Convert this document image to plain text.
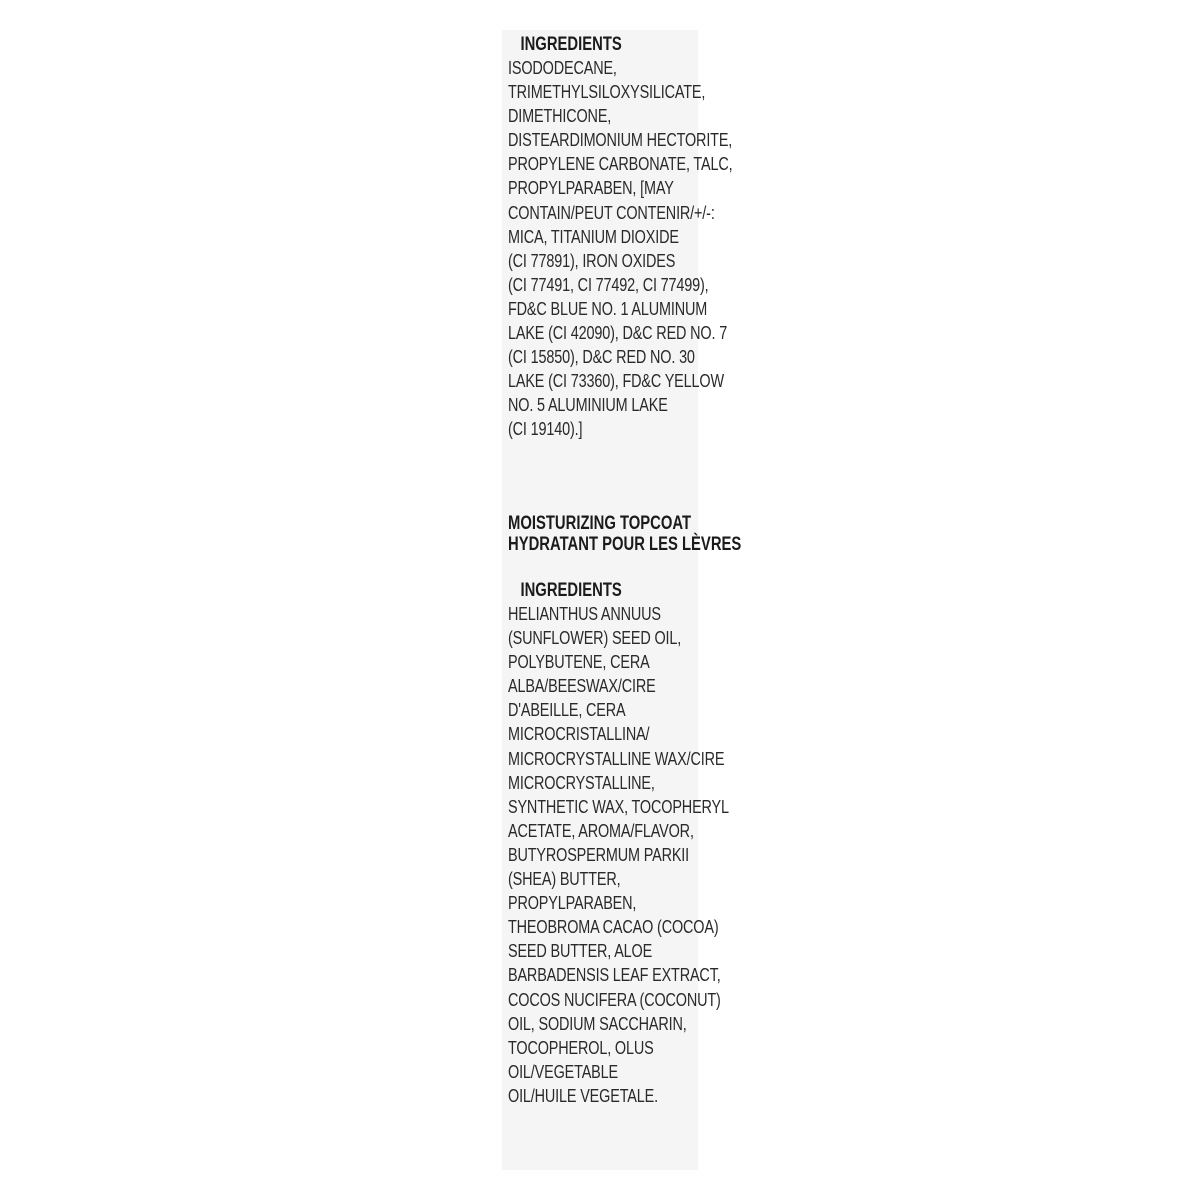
INGREDIENTS
ISODODECANE,
TRIMETHYLSILOXYSILICATE,
DIMETHICONE,
DISTEARDIMONIUM HECTORITE,
PROPYLENE CARBONATE, TALC,
PROPYLPARABEN, [MAY
CONTAIN/PEUT CONTENIR/+/-:
MICA, TITANIUM DIOXIDE
(CI 77891), IRON OXIDES
(CI 77491, CI 77492, CI 77499),
FD&C BLUE NO. 1 ALUMINUM
LAKE (CI 42090), D&C RED NO. 7
(CI 15850), D&C RED NO. 30
LAKE (CI 73360), FD&C YELLOW
NO. 5 ALUMINIUM LAKE
(CI 19140).]
MOISTURIZING TOPCOAT
HYDRATANT POUR LES LÈVRES
INGREDIENTS
HELIANTHUS ANNUUS
(SUNFLOWER) SEED OIL,
POLYBUTENE, CERA
ALBA/BEESWAX/CIRE
D'ABEILLE, CERA
MICROCRISTALLINA/
MICROCRYSTALLINE WAX/CIRE
MICROCRYSTALLINE,
SYNTHETIC WAX, TOCOPHERYL
ACETATE, AROMA/FLAVOR,
BUTYROSPERMUM PARKII
(SHEA) BUTTER,
PROPYLPARABEN,
THEOBROMA CACAO (COCOA)
SEED BUTTER, ALOE
BARBADENSIS LEAF EXTRACT,
COCOS NUCIFERA (COCONUT)
OIL, SODIUM SACCHARIN,
TOCOPHEROL, OLUS
OIL/VEGETABLE
OIL/HUILE VEGETALE.
